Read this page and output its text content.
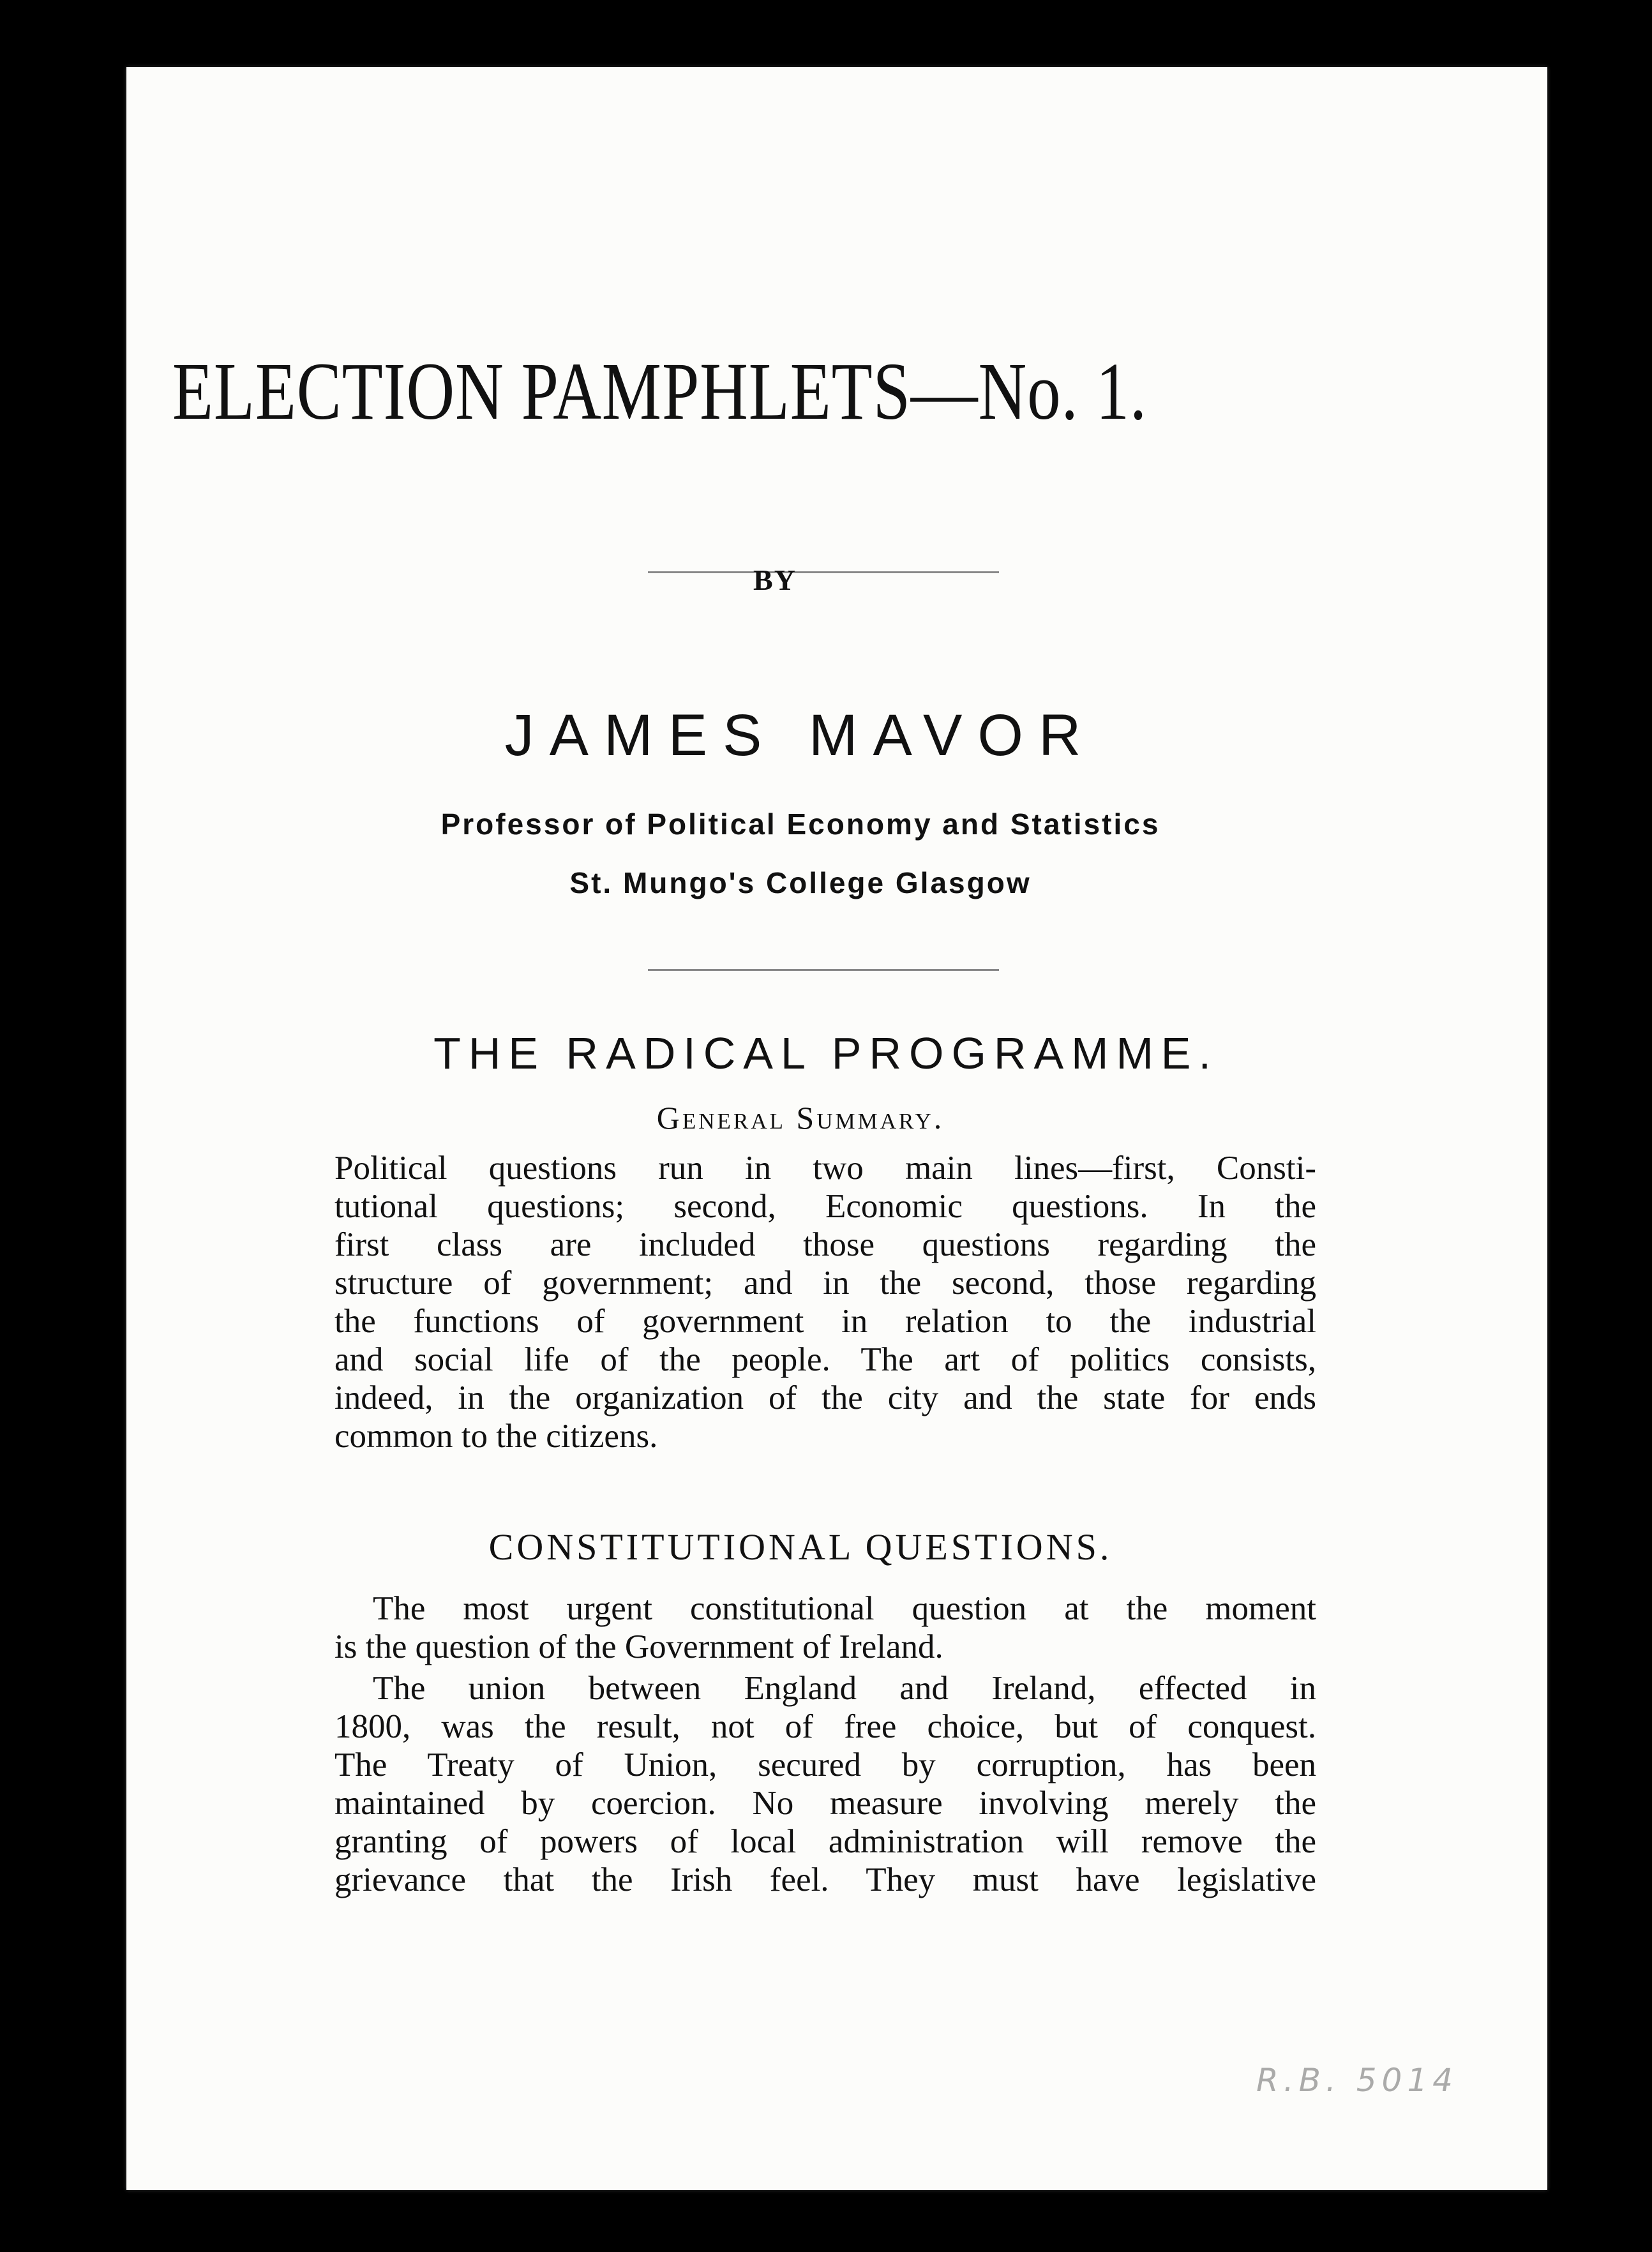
ELECTION PAMPHLETS—No. 1.
BY
JAMES MAVOR
Professor of Political Economy and Statistics
St. Mungo's College Glasgow
THE RADICAL PROGRAMME.
General Summary.
Political questions run in two main lines—first, Consti-
tutional questions; second, Economic questions. In the
first class are included those questions regarding the
structure of government; and in the second, those regarding
the functions of government in relation to the industrial
and social life of the people. The art of politics consists,
indeed, in the organization of the city and the state for ends
common to the citizens.
CONSTITUTIONAL QUESTIONS.
The most urgent constitutional question at the moment
is the question of the Government of Ireland.
The union between England and Ireland, effected in
1800, was the result, not of free choice, but of conquest.
The Treaty of Union, secured by corruption, has been
maintained by coercion. No measure involving merely the
granting of powers of local administration will remove the
grievance that the Irish feel. They must have legislative
R.B. 5014
